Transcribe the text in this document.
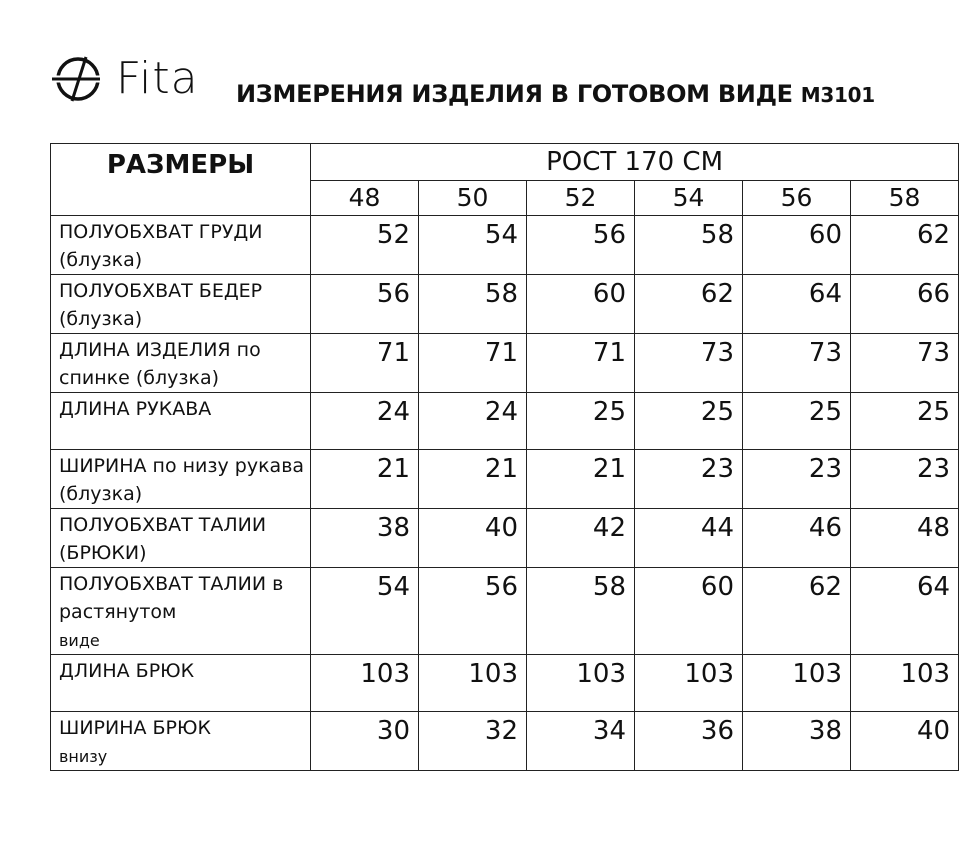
Fita ИЗМЕРЕНИЯ ИЗДЕЛИЯ В ГОТОВОМ ВИДЕ M3101
РАЗМЕРЫ	РОСТ 170 СМ					
	48	50	52	54	56	58
ПОЛУОБХВАТ ГРУДИ (блузка)	52	54	56	58	60	62
ПОЛУОБХВАТ БЕДЕР (блузка)	56	58	60	62	64	66
ДЛИНА ИЗДЕЛИЯ по спинке (блузка)	71	71	71	73	73	73
ДЛИНА РУКАВА	24	24	25	25	25	25
ШИРИНА по низу рукава (блузка)	21	21	21	23	23	23
ПОЛУОБХВАТ ТАЛИИ (БРЮКИ)	38	40	42	44	46	48
ПОЛУОБХВАТ ТАЛИИ в растянутом
виде	54	56	58	60	62	64
ДЛИНА БРЮК	103	103	103	103	103	103
ШИРИНА БРЮК
внизу	30	32	34	36	38	40
